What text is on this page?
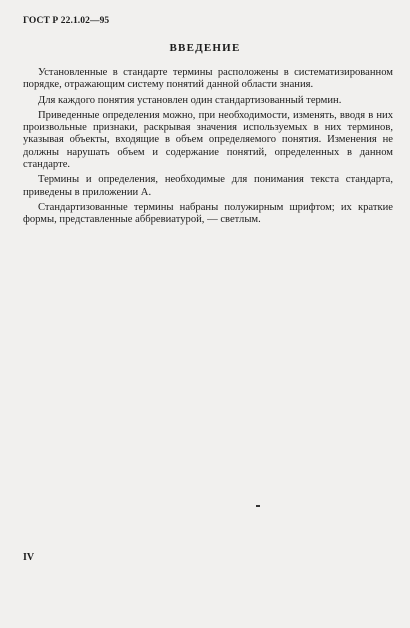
ГОСТ Р 22.1.02—95
ВВЕДЕНИЕ

Установленные в стандарте термины расположены в систематизированном порядке, отражающим систему понятий данной области знания.

Для каждого понятия установлен один стандартизованный термин.

Приведенные определения можно, при необходимости, изменять, вводя в них произвольные признаки, раскрывая значения используемых в них терминов, указывая объекты, входящие в объем определяемого понятия. Изменения не должны нарушать объем и содержание понятий, определенных в данном стандарте.

Термины и определения, необходимые для понимания текста стандарта, приведены в приложении А.

Стандартизованные термины набраны полужирным шрифтом; их краткие формы, представленные аббревиатурой, — светлым.

IV
